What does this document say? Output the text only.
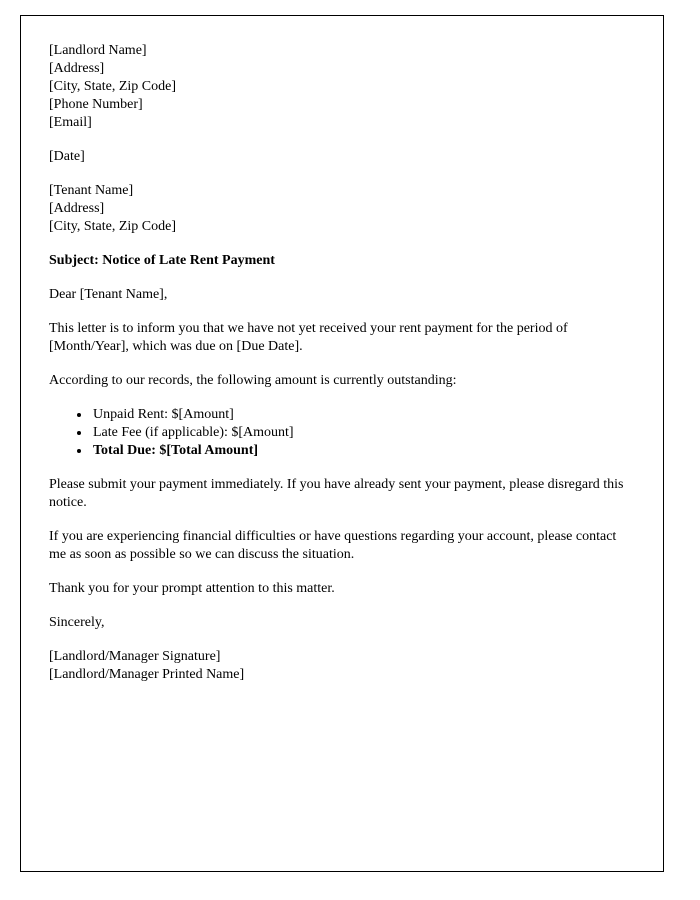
[Landlord Name]
[Address]
[City, State, Zip Code]
[Phone Number]
[Email]

[Date]

[Tenant Name]
[Address]
[City, State, Zip Code]

Subject: Notice of Late Rent Payment

Dear [Tenant Name],

This letter is to inform you that we have not yet received your rent payment for the period of [Month/Year], which was due on [Due Date].

According to our records, the following amount is currently outstanding:

• Unpaid Rent: $[Amount]
• Late Fee (if applicable): $[Amount]
• Total Due: $[Total Amount]

Please submit your payment immediately. If you have already sent your payment, please disregard this notice.

If you are experiencing financial difficulties or have questions regarding your account, please contact me as soon as possible so we can discuss the situation.

Thank you for your prompt attention to this matter.

Sincerely,

[Landlord/Manager Signature]
[Landlord/Manager Printed Name]
